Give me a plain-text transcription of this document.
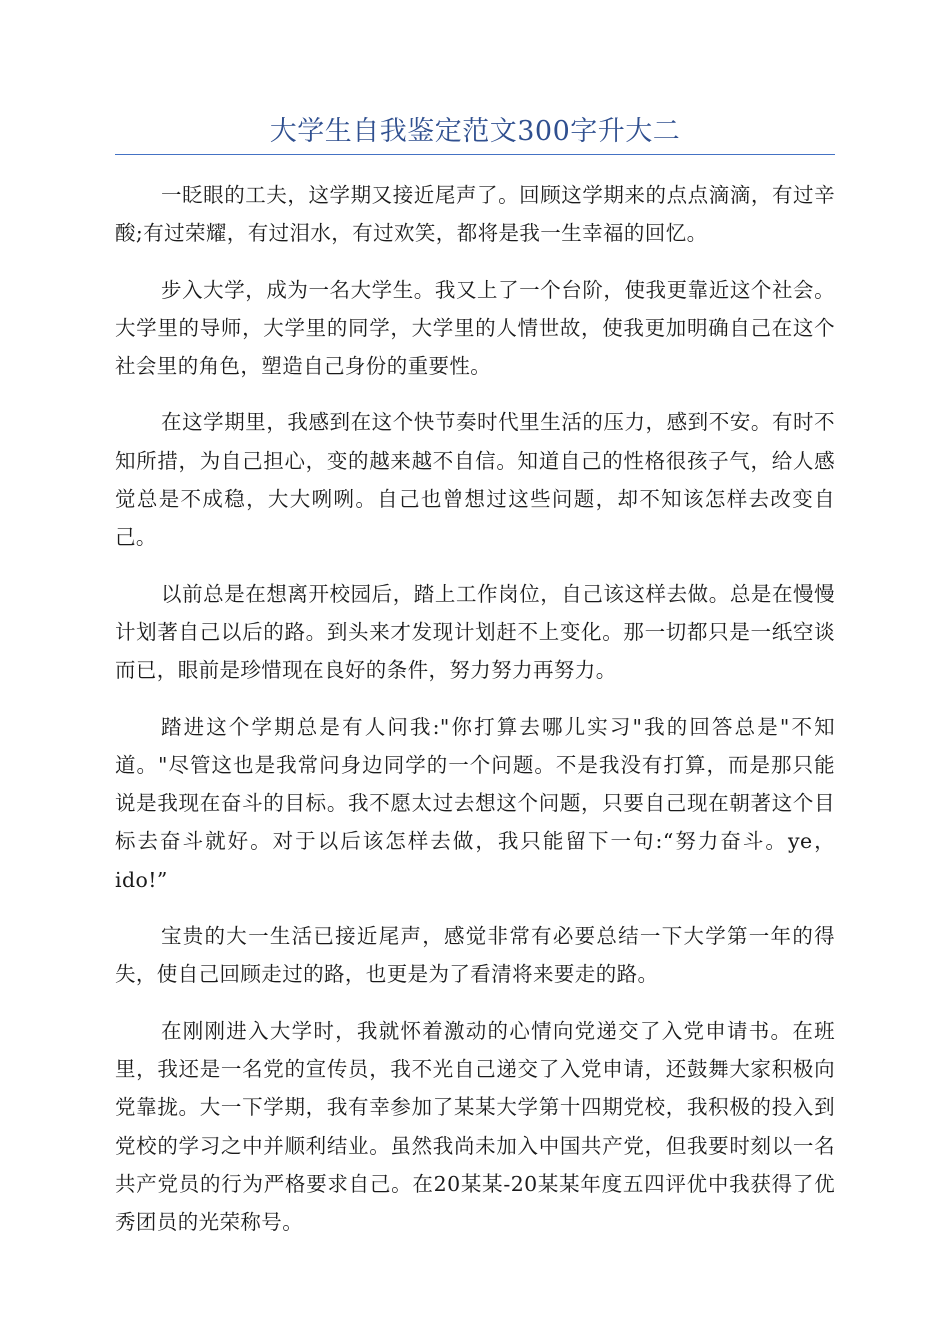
大学生自我鉴定范文300字升大二

一眨眼的工夫，这学期又接近尾声了。回顾这学期来的点点滴滴，有过辛酸;有过荣耀，有过泪水，有过欢笑，都将是我一生幸福的回忆。

步入大学，成为一名大学生。我又上了一个台阶，使我更靠近这个社会。大学里的导师，大学里的同学，大学里的人情世故，使我更加明确自己在这个社会里的角色，塑造自己身份的重要性。

在这学期里，我感到在这个快节奏时代里生活的压力，感到不安。有时不知所措，为自己担心，变的越来越不自信。知道自己的性格很孩子气，给人感觉总是不成稳，大大咧咧。自己也曾想过这些问题，却不知该怎样去改变自己。

以前总是在想离开校园后，踏上工作岗位，自己该这样去做。总是在慢慢计划著自己以后的路。到头来才发现计划赶不上变化。那一切都只是一纸空谈而已，眼前是珍惜现在良好的条件，努力努力再努力。

踏进这个学期总是有人问我:"你打算去哪儿实习"我的回答总是"不知道。"尽管这也是我常问身边同学的一个问题。不是我没有打算，而是那只能说是我现在奋斗的目标。我不愿太过去想这个问题，只要自己现在朝著这个目标去奋斗就好。对于以后该怎样去做，我只能留下一句:“努力奋斗。ye，ido!”

宝贵的大一生活已接近尾声，感觉非常有必要总结一下大学第一年的得失，使自己回顾走过的路，也更是为了看清将来要走的路。

在刚刚进入大学时，我就怀着激动的心情向党递交了入党申请书。在班里，我还是一名党的宣传员，我不光自己递交了入党申请，还鼓舞大家积极向党靠拢。大一下学期，我有幸参加了某某大学第十四期党校，我积极的投入到党校的学习之中并顺利结业。虽然我尚未加入中国共产党，但我要时刻以一名共产党员的行为严格要求自己。在20某某-20某某年度五四评优中我获得了优秀团员的光荣称号。
